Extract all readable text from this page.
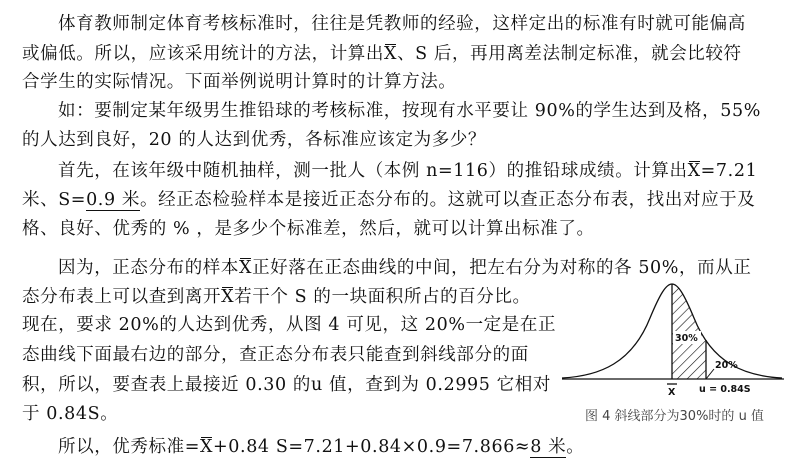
体育教师制定体育考核标准时，往往是凭教师的经验，这样定出的标准有时就可能偏高
或偏低。所以，应该采用统计的方法，计算出X、S 后，再用离差法制定标准，就会比较符
合学生的实际情况。下面举例说明计算时的计算方法。
如：要制定某年级男生推铅球的考核标准，按现有水平要让 90%的学生达到及格，55%
的人达到良好，20 的人达到优秀，各标准应该定为多少？
首先，在该年级中随机抽样，测一批人（本例 n=116）的推铅球成绩。计算出X=7.21
米、S=0.9 米。经正态检验样本是接近正态分布的。这就可以查正态分布表，找出对应于及
格、良好、优秀的 % ，是多少个标准差，然后，就可以计算出标准了。
因为，正态分布的样本X正好落在正态曲线的中间，把左右分为对称的各 50%，而从正
态分布表上可以查到离开X若干个 S 的一块面积所占的百分比。
现在，要求 20%的人达到优秀，从图 4 可见，这 20%一定是在正
态曲线下面最右边的部分，查正态分布表只能查到斜线部分的面
积，所以，要查表上最接近 0.30 的u 值，查到为 0.2995 它相对
于 0.84S。
所以，优秀标准=X+0.84 S=7.21+0.84×0.9=7.866≈8 米。
30%
20%
X u = 0.84S
图 4 斜线部分为30%时的 u 值
